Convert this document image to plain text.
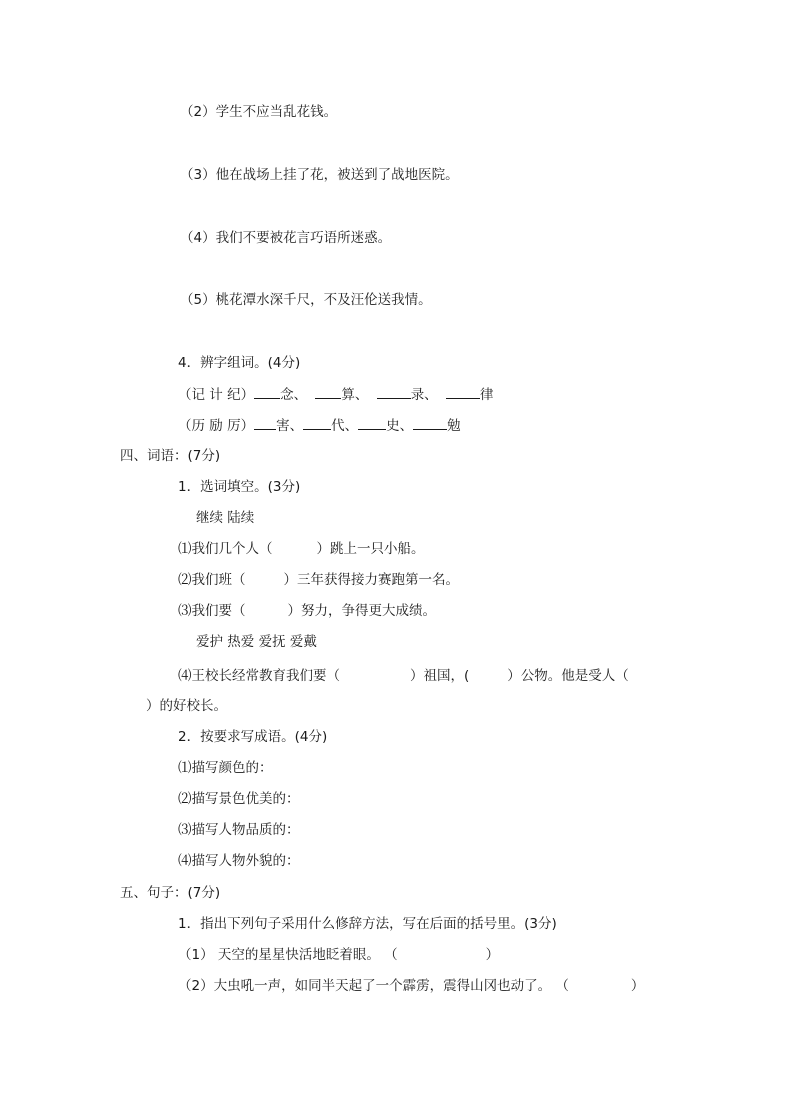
（2）学生不应当乱花钱。
（3）他在战场上挂了花，被送到了战地医院。
（4）我们不要被花言巧语所迷惑。
（5）桃花潭水深千尺，不及汪伦送我情。
4．辨字组词。(4分)
（记 计 纪） 念、	算、	录、	律
（历 励 厉） 害、 代、 史、	勉
四、词语：(7分)
1．选词填空。(3分)
继续 陆续
⑴我们几个人（	）跳上一只小船。
⑵我们班（	）三年获得接力赛跑第一名。
⑶我们要（	）努力，争得更大成绩。
爱护 热爱 爱抚 爱戴
⑷王校长经常教育我们要（	）祖国，(	）公物。他是受人（
）的好校长。
2．按要求写成语。(4分)
⑴描写颜色的：
⑵描写景色优美的：
⑶描写人物品质的：
⑷描写人物外貌的：
五、句子：(7分)
1．指出下列句子采用什么修辞方法，写在后面的括号里。(3分)
（1） 天空的星星快活地眨着眼。 （	）
（2）大虫吼一声，如同半天起了一个霹雳，震得山冈也动了。 （	）
